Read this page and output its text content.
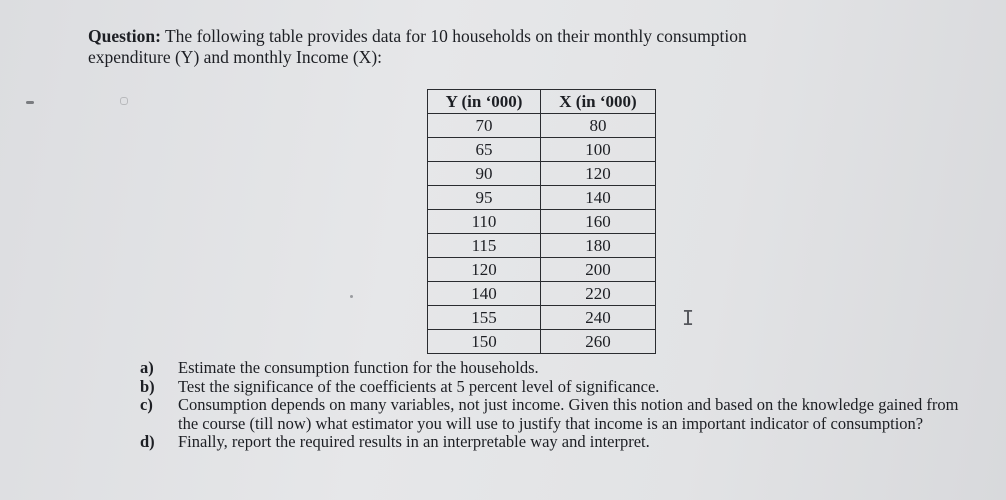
Question: The following table provides data for 10 households on their monthly consumption
expenditure (Y) and monthly Income (X):
Y (in ‘000)	X (in ‘000)
70	80
65	100
90	120
95	140
110	160
115	180
120	200
140	220
155	240
150	260
I
a)	Estimate the consumption function for the households.
b)	Test the significance of the coefficients at 5 percent level of significance.
c)	Consumption depends on many variables, not just income. Given this notion and based on the knowledge gained from the course (till now) what estimator you will use to justify that income is an important indicator of consumption?
d)	Finally, report the required results in an interpretable way and interpret.
